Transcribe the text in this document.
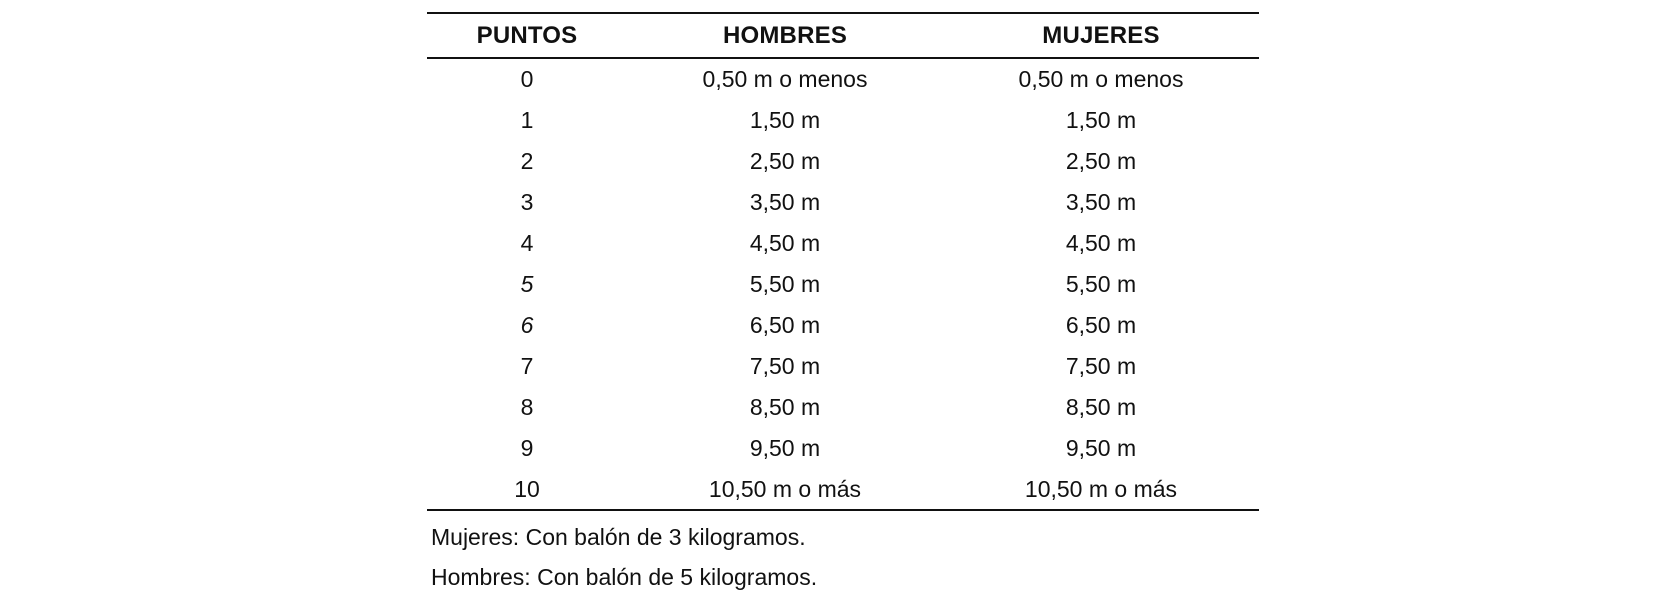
PUNTOS	HOMBRES	MUJERES
0	0,50 m o menos	0,50 m o menos
1	1,50 m	1,50 m
2	2,50 m	2,50 m
3	3,50 m	3,50 m
4	4,50 m	4,50 m
5	5,50 m	5,50 m
6	6,50 m	6,50 m
7	7,50 m	7,50 m
8	8,50 m	8,50 m
9	9,50 m	9,50 m
10	10,50 m o más	10,50 m o más
Mujeres: Con balón de 3 kilogramos.
Hombres: Con balón de 5 kilogramos.
